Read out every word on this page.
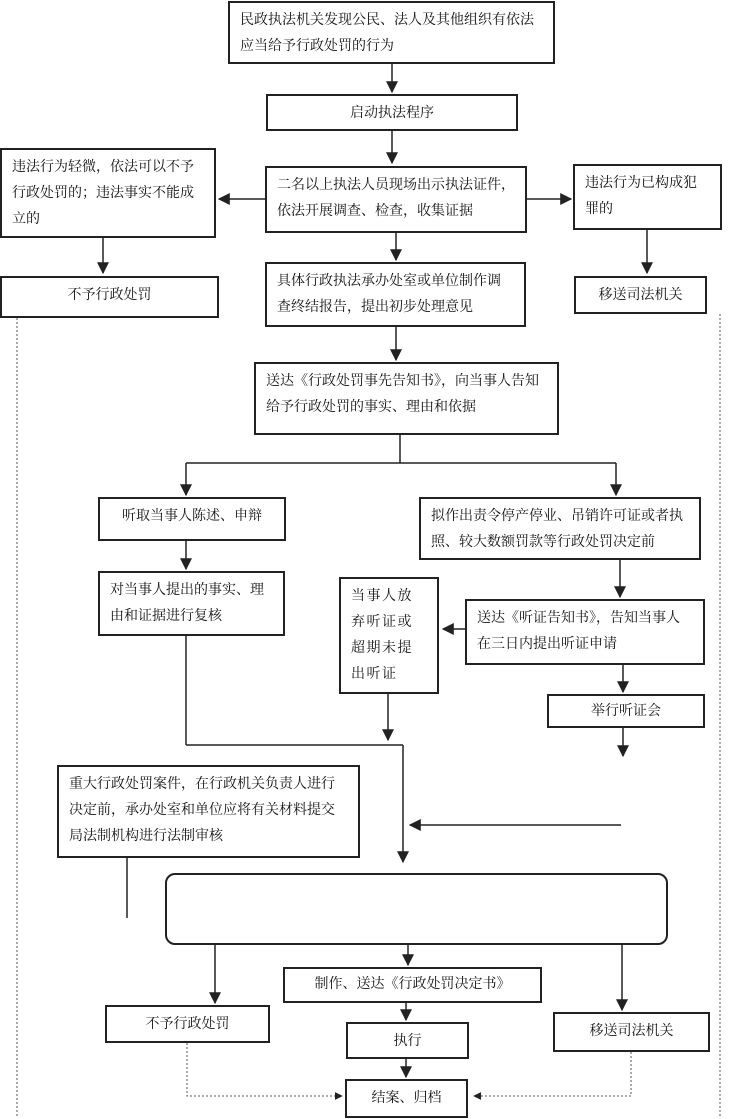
民政执法机关发现公民、法人及其他组织有依法应当给予行政处罚的行为
启动执法程序
二名以上执法人员现场出示执法证件，依法开展调查、检查，收集证据
违法行为轻微，依法可以不予行政处罚的；违法事实不能成立的
违法行为已构成犯罪的
不予行政处罚	移送司法机关
具体行政执法承办处室或单位制作调查终结报告，提出初步处理意见
送达《行政处罚事先告知书》，向当事人告知给予行政处罚的事实、理由和依据
听取当事人陈述、申辩	拟作出责令停产停业、吊销许可证或者执照、较大数额罚款等行政处罚决定前
对当事人提出的事实、理由和证据进行复核
当事人放弃听证或超期未提出听证
送达《听证告知书》，告知当事人在三日内提出听证申请
举行听证会
重大行政处罚案件，在行政机关负责人进行决定前，承办处室和单位应将有关材料提交局法制机构进行法制审核
制作、送达《行政处罚决定书》
不予行政处罚
执行
移送司法机关
结案、归档
